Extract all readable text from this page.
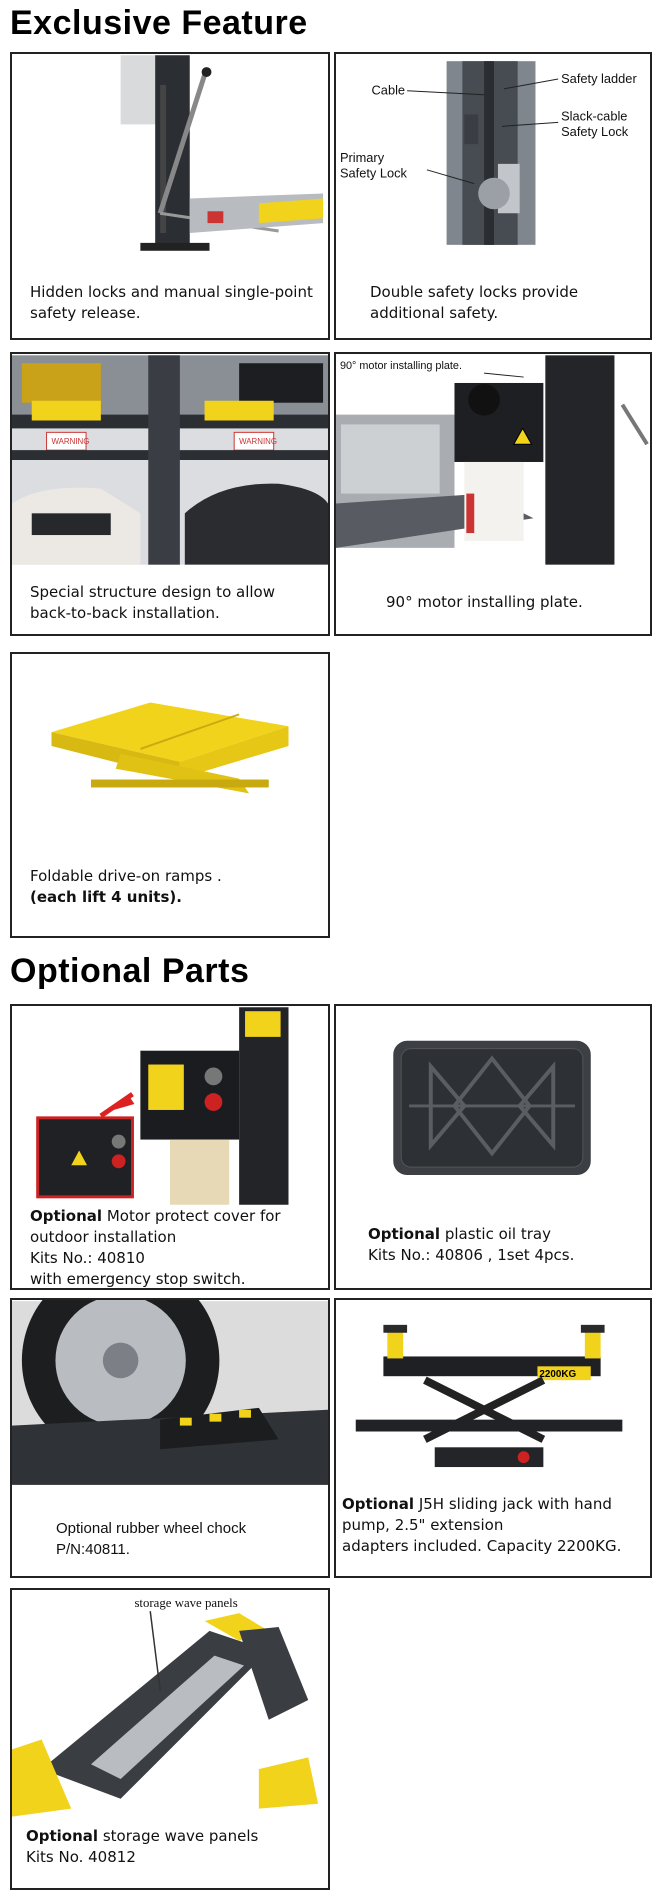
Exclusive Feature
Hidden locks and manual single-point
safety release.
Cable
Safety ladder
Slack-cable
Safety Lock
Primary
Safety Lock
Double safety locks provide
additional safety.
WARNING	WARNING
Special structure design to allow
back-to-back installation.
90° motor installing plate.
90° motor installing plate.
Foldable drive-on ramps .
(each lift 4 units).
Optional Parts
Optional Motor protect cover for
outdoor installation
Kits No.: 40810
with emergency stop switch.
Optional plastic oil tray
Kits No.: 40806 , 1set 4pcs.
Optional rubber wheel chock
P/N:40811.
2200KG
Optional J5H sliding jack with hand
pump, 2.5" extension
adapters included. Capacity 2200KG.
storage wave panels
Optional storage wave panels
Kits No. 40812
